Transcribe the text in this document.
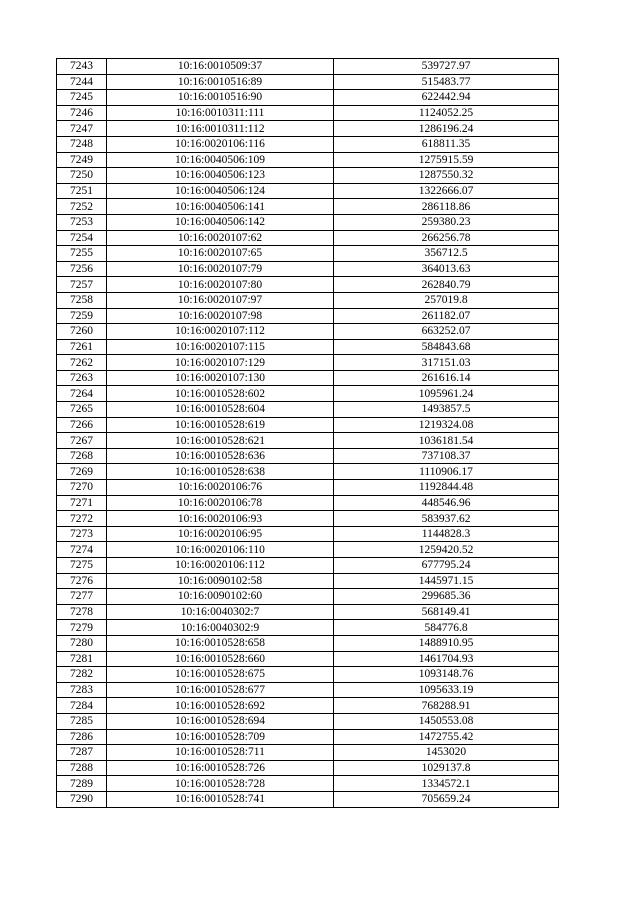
7243	10:16:0010509:37	539727.97
7244	10:16:0010516:89	515483.77
7245	10:16:0010516:90	622442.94
7246	10:16:0010311:111	1124052.25
7247	10:16:0010311:112	1286196.24
7248	10:16:0020106:116	618811.35
7249	10:16:0040506:109	1275915.59
7250	10:16:0040506:123	1287550.32
7251	10:16:0040506:124	1322666.07
7252	10:16:0040506:141	286118.86
7253	10:16:0040506:142	259380.23
7254	10:16:0020107:62	266256.78
7255	10:16:0020107:65	356712.5
7256	10:16:0020107:79	364013.63
7257	10:16:0020107:80	262840.79
7258	10:16:0020107:97	257019.8
7259	10:16:0020107:98	261182.07
7260	10:16:0020107:112	663252.07
7261	10:16:0020107:115	584843.68
7262	10:16:0020107:129	317151.03
7263	10:16:0020107:130	261616.14
7264	10:16:0010528:602	1095961.24
7265	10:16:0010528:604	1493857.5
7266	10:16:0010528:619	1219324.08
7267	10:16:0010528:621	1036181.54
7268	10:16:0010528:636	737108.37
7269	10:16:0010528:638	1110906.17
7270	10:16:0020106:76	1192844.48
7271	10:16:0020106:78	448546.96
7272	10:16:0020106:93	583937.62
7273	10:16:0020106:95	1144828.3
7274	10:16:0020106:110	1259420.52
7275	10:16:0020106:112	677795.24
7276	10:16:0090102:58	1445971.15
7277	10:16:0090102:60	299685.36
7278	10:16:0040302:7	568149.41
7279	10:16:0040302:9	584776.8
7280	10:16:0010528:658	1488910.95
7281	10:16:0010528:660	1461704.93
7282	10:16:0010528:675	1093148.76
7283	10:16:0010528:677	1095633.19
7284	10:16:0010528:692	768288.91
7285	10:16:0010528:694	1450553.08
7286	10:16:0010528:709	1472755.42
7287	10:16:0010528:711	1453020
7288	10:16:0010528:726	1029137.8
7289	10:16:0010528:728	1334572.1
7290	10:16:0010528:741	705659.24
